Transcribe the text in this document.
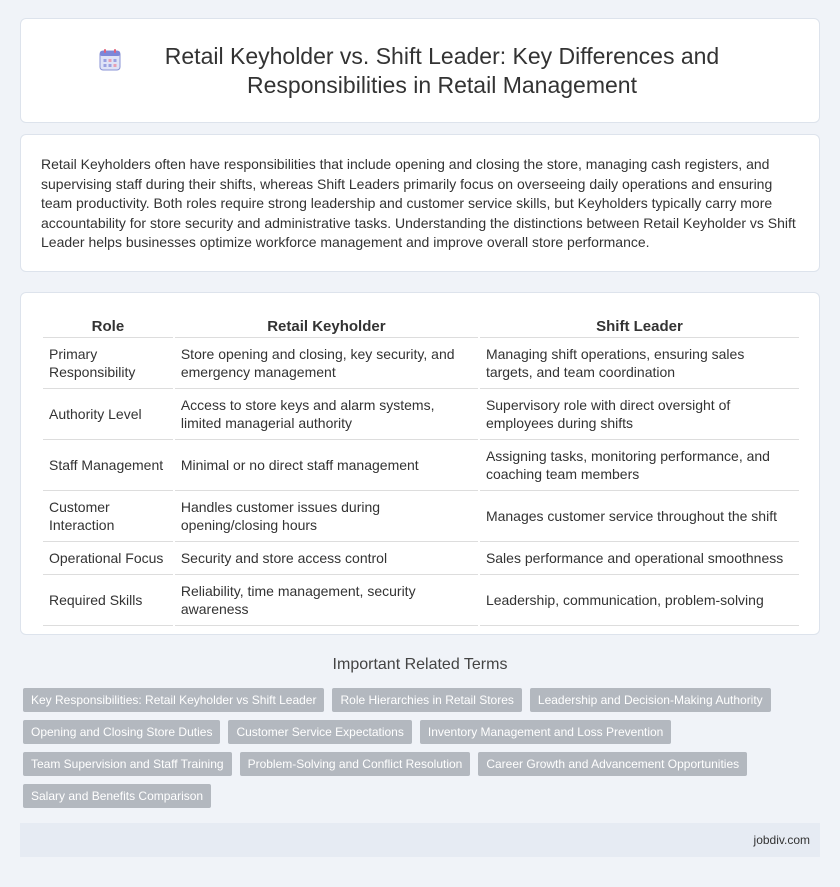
Retail Keyholder vs. Shift Leader: Key Differences and Responsibilities in Retail Management

Retail Keyholders often have responsibilities that include opening and closing the store, managing cash registers, and supervising staff during their shifts, whereas Shift Leaders primarily focus on overseeing daily operations and ensuring team productivity. Both roles require strong leadership and customer service skills, but Keyholders typically carry more accountability for store security and administrative tasks. Understanding the distinctions between Retail Keyholder vs Shift Leader helps businesses optimize workforce management and improve overall store performance.

Role	Retail Keyholder	Shift Leader
Primary Responsibility	Store opening and closing, key security, and emergency management	Managing shift operations, ensuring sales targets, and team coordination
Authority Level	Access to store keys and alarm systems, limited managerial authority	Supervisory role with direct oversight of employees during shifts
Staff Management	Minimal or no direct staff management	Assigning tasks, monitoring performance, and coaching team members
Customer Interaction	Handles customer issues during opening/closing hours	Manages customer service throughout the shift
Operational Focus	Security and store access control	Sales performance and operational smoothness
Required Skills	Reliability, time management, security awareness	Leadership, communication, problem-solving
Important Related Terms
Key Responsibilities: Retail Keyholder vs Shift Leader	Role Hierarchies in Retail Stores	Leadership and Decision-Making Authority
Opening and Closing Store Duties	Customer Service Expectations	Inventory Management and Loss Prevention
Team Supervision and Staff Training	Problem-Solving and Conflict Resolution	Career Growth and Advancement Opportunities
Salary and Benefits Comparison
jobdiv.com
